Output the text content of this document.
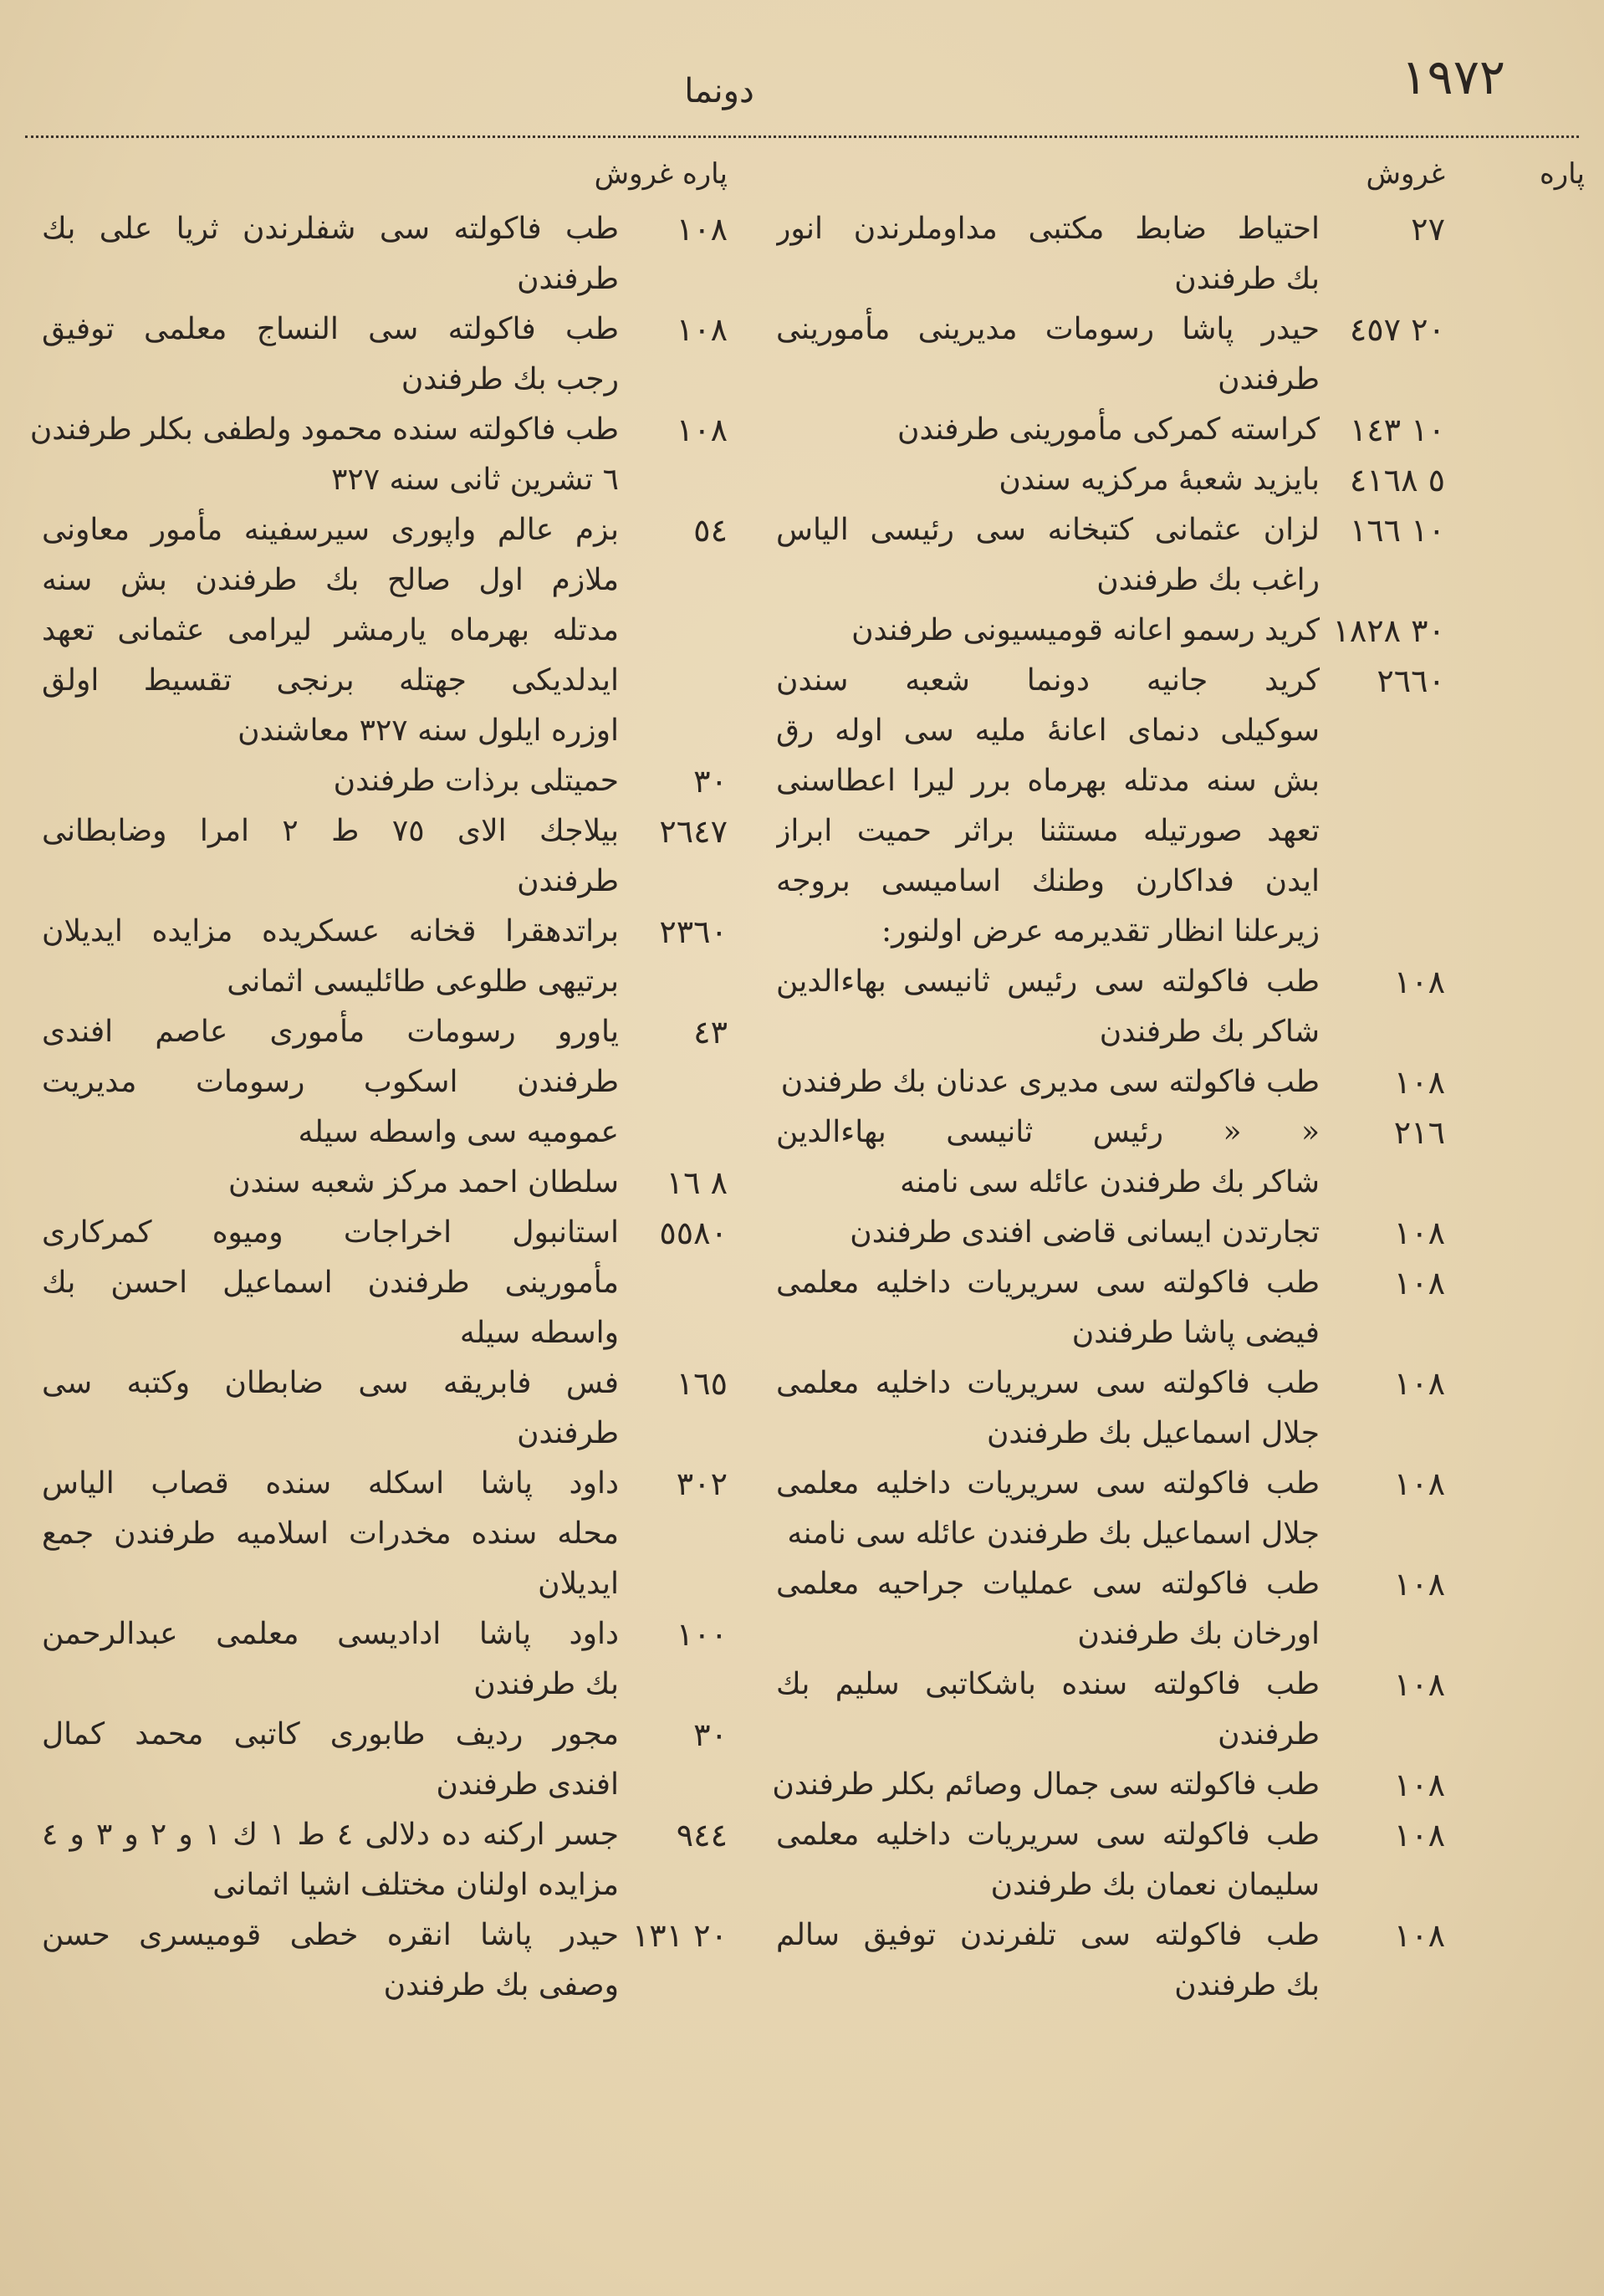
١٩٧٢
دونما
پاره
غروش
٢٧
احتياط ضابط مكتبى مداوملرندن انور
بك طرفندن
٢٠ ٤٥٧
حيدر پاشا رسومات مديرينى مأمورينى
طرفندن
١٠ ١٤٣
كراسته كمركى مأمورينى طرفندن
٥ ٤١٦٨
بايزيد شعبهٔ مركزيه سندن
١٠ ١٦٦
لزان عثمانى كتبخانه سى رئيسى الياس
راغب بك طرفندن
٣٠ ١٨٢٨
كريد رسمو اعانه قوميسيونى طرفندن
٢٦٦٠
كريد جانيه دونما شعبه سندن
سوكيلى دنماى اعانهٔ مليه سى اوله رق
بش سنه مدتله بهرماه برر ليرا اعطاسنى
تعهد صورتيله مستثنا براثر حميت ابراز
ايدن فداكارن وطنك اساميسى بروجه
زيرعلنا انظار تقديرمه عرض اولنور:
١٠٨
طب فاكولته سى رئيس ثانيسى بهاءالدين
شاكر بك طرفندن
١٠٨
طب فاكولته سى مديرى عدنان بك طرفندن
٢١٦
« « رئيس ثانيسى بهاءالدين
شاكر بك طرفندن عائله سى نامنه
١٠٨
تجارتدن ايسانى قاضى افندى طرفندن
١٠٨
طب فاكولته سى سريريات داخليه معلمى
فيضى پاشا طرفندن
١٠٨
طب فاكولته سى سريريات داخليه معلمى
جلال اسماعيل بك طرفندن
١٠٨
طب فاكولته سى سريريات داخليه معلمى
جلال اسماعيل بك طرفندن عائله سى نامنه
١٠٨
طب فاكولته سى عمليات جراحيه معلمى
اورخان بك طرفندن
١٠٨
طب فاكولته سنده باشكاتبى سليم بك
طرفندن
١٠٨
طب فاكولته سى جمال وصائم بكلر طرفندن
١٠٨
طب فاكولته سى سريريات داخليه معلمى
سليمان نعمان بك طرفندن
١٠٨
طب فاكولته سى تلفرندن توفيق سالم
بك طرفندن
پاره غروش
١٠٨
طب فاكولته سى شفلرندن ثريا على بك
طرفندن
١٠٨
طب فاكولته سى النساج معلمى توفيق
رجب بك طرفندن
١٠٨
طب فاكولته سنده محمود ولطفى بكلر طرفندن
٦ تشرين ثانى سنه ٣٢٧
٥٤
بزم عالم واپورى سيرسفينه مأمور معاونى
ملازم اول صالح بك طرفندن بش سنه
مدتله بهرماه يارمشر ليرامى عثمانى تعهد
ايدلديكى جهتله برنجى تقسيط اولق
اوزره ايلول سنه ٣٢٧ معاشندن
٣٠
حميتلى برذات طرفندن
٢٦٤٧
بيلاجك الاى ٧٥ ط ٢ امرا وضابطانى
طرفندن
٢٣٦٠
براتدهقرا قخانه عسكريده مزايده ايديلان
برتيهى طلوعى طائليسى اثمانى
٤٣
ياورو رسومات مأمورى عاصم افندى
طرفندن اسكوب رسومات مديريت
عموميه سى واسطه سيله
٨ ١٦
سلطان احمد مركز شعبه سندن
٥٥٨٠
استانبول اخراجات وميوه كمركارى
مأمورينى طرفندن اسماعيل احسن بك
واسطه سيله
١٦٥
فس فابريقه سى ضابطان وكتبه سى
طرفندن
٣٠٢
داود پاشا اسكله سنده قصاب الياس
محله سنده مخدرات اسلاميه طرفندن جمع
ايديلان
١٠٠
داود پاشا اداديسى معلمى عبدالرحمن
بك طرفندن
٣٠
مجور رديف طابورى كاتبى محمد كمال
افندى طرفندن
٩٤٤
جسر اركنه ده دلالى ٤ ط ١ ك ١ و ٢ و ٣ و ٤
مزايده اولنان مختلف اشيا اثمانى
٢٠ ١٣١
حيدر پاشا انقره خطى قوميسرى حسن
وصفى بك طرفندن
